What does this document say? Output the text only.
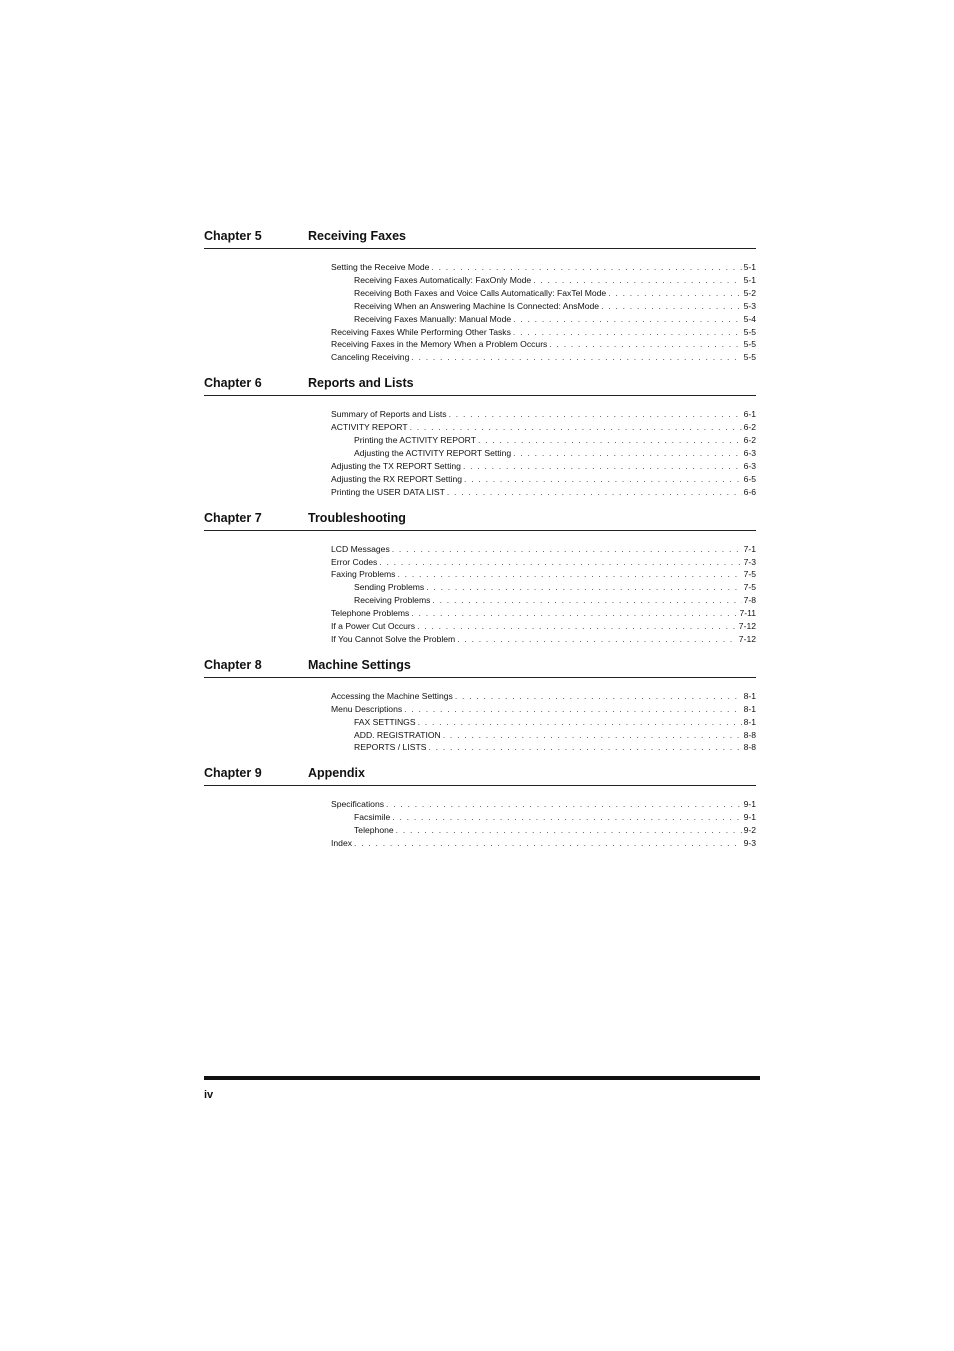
Chapter 5	Receiving Faxes
Setting the Receive Mode . . .	5-1
Receiving Faxes Automatically: FaxOnly Mode . . .	5-1
Receiving Both Faxes and Voice Calls Automatically: FaxTel Mode . . .	5-2
Receiving When an Answering Machine Is Connected: AnsMode . . .	5-3
Receiving Faxes Manually: Manual Mode . . .	5-4
Receiving Faxes While Performing Other Tasks . . .	5-5
Receiving Faxes in the Memory When a Problem Occurs . . .	5-5
Canceling Receiving . . .	5-5
Chapter 6	Reports and Lists
Summary of Reports and Lists . . .	6-1
ACTIVITY REPORT . . .	6-2
Printing the ACTIVITY REPORT . . .	6-2
Adjusting the ACTIVITY REPORT Setting . . .	6-3
Adjusting the TX REPORT Setting . . .	6-3
Adjusting the RX REPORT Setting . . .	6-5
Printing the USER DATA LIST . . .	6-6
Chapter 7	Troubleshooting
LCD Messages . . .	7-1
Error Codes . . .	7-3
Faxing Problems . . .	7-5
Sending Problems . . .	7-5
Receiving Problems . . .	7-8
Telephone Problems . . .	7-11
If a Power Cut Occurs . . .	7-12
If You Cannot Solve the Problem . . .	7-12
Chapter 8	Machine Settings
Accessing the Machine Settings . . .	8-1
Menu Descriptions . . .	8-1
FAX SETTINGS . . .	8-1
ADD. REGISTRATION . . .	8-8
REPORTS / LISTS . . .	8-8
Chapter 9	Appendix
Specifications . . .	9-1
Facsimile . . .	9-1
Telephone . . .	9-2
Index . . .	9-3
iv
